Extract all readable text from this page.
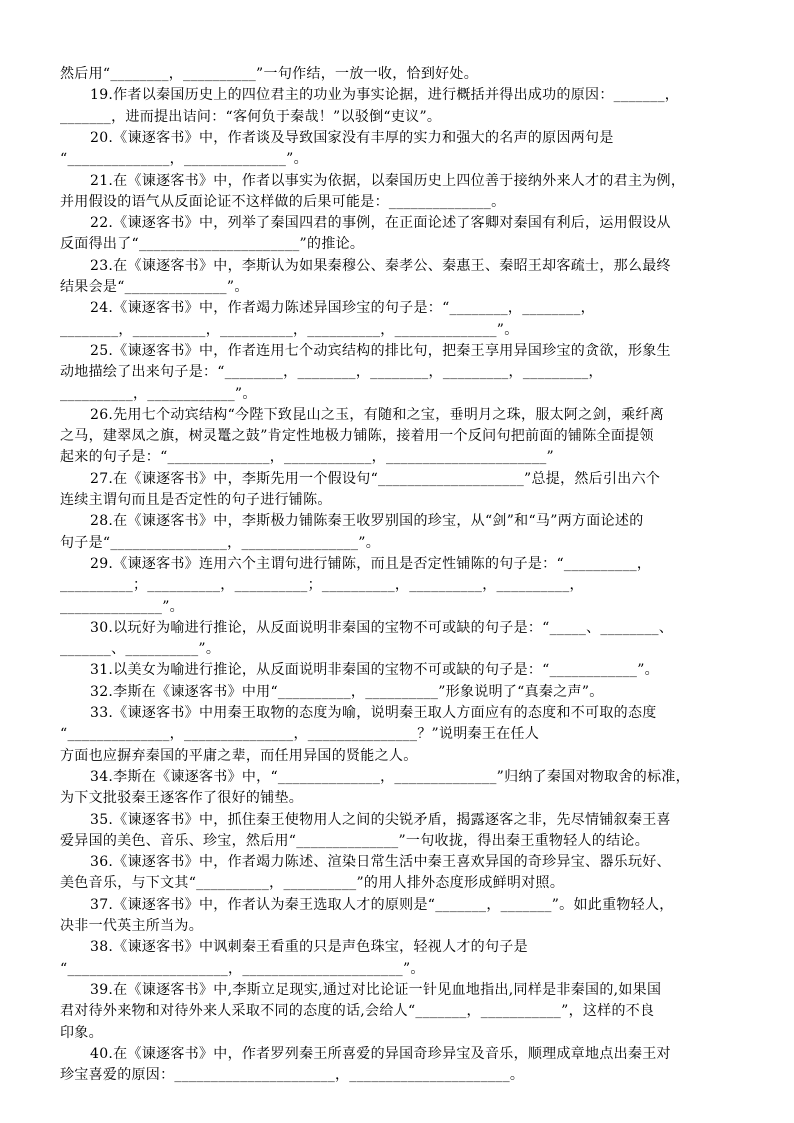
然后用“________，__________”一句作结，一放一收，恰到好处。
19.作者以秦国历史上的四位君主的功业为事实论据，进行概括并得出成功的原因：_______，
_______，进而提出诘问：“客何负于秦哉！”以驳倒“吏议”。
20.《谏逐客书》中，作者谈及导致国家没有丰厚的实力和强大的名声的原因两句是
“______________，______________”。
21.在《谏逐客书》中，作者以事实为依据，以秦国历史上四位善于接纳外来人才的君主为例，
并用假设的语气从反面论证不这样做的后果可能是：______________。
22.《谏逐客书》中，列举了秦国四君的事例，在正面论述了客卿对秦国有利后，运用假设从
反面得出了“______________________”的推论。
23.在《谏逐客书》中，李斯认为如果秦穆公、秦孝公、秦惠王、秦昭王却客疏士，那么最终
结果会是“______________”。
24.《谏逐客书》中，作者竭力陈述异国珍宝的句子是：“________，________，
________，__________，__________，__________，______________”。
25.《谏逐客书》中，作者连用七个动宾结构的排比句，把秦王享用异国珍宝的贪欲，形象生
动地描绘了出来句子是：“________，________，________，_________，_________，
__________，____________”。
26.先用七个动宾结构“今陛下致昆山之玉，有随和之宝，垂明月之珠，服太阿之剑，乘纤离
之马，建翠凤之旗，树灵鼍之鼓”肯定性地极力铺陈，接着用一个反问句把前面的铺陈全面提领
起来的句子是：“______________，____________，______________________”
27.在《谏逐客书》中，李斯先用一个假设句“____________________”总提，然后引出六个
连续主谓句而且是否定性的句子进行铺陈。
28.在《谏逐客书》中，李斯极力铺陈秦王收罗别国的珍宝，从“剑”和“马”两方面论述的
句子是“________________，________________”。
29.《谏逐客书》连用六个主谓句进行铺陈，而且是否定性铺陈的句子是：“__________，
__________；__________，__________；__________，__________，__________，
______________”。
30.以玩好为喻进行推论，从反面说明非秦国的宝物不可或缺的句子是：“_____、________、
_______、__________”。
31.以美女为喻进行推论，从反面说明非秦国的宝物不可或缺的句子是：“____________”。
32.李斯在《谏逐客书》中用“__________，__________”形象说明了“真秦之声”。
33.《谏逐客书》中用秦王取物的态度为喻，说明秦王取人方面应有的态度和不可取的态度
“______________，_______________，_______________？”说明秦王在任人
方面也应摒弃秦国的平庸之辈，而任用异国的贤能之人。
34.李斯在《谏逐客书》中，“______________，______________”归纳了秦国对物取舍的标准，
为下文批驳秦王逐客作了很好的铺垫。
35.《谏逐客书》中，抓住秦王使物用人之间的尖锐矛盾，揭露逐客之非，先尽情铺叙秦王喜
爱异国的美色、音乐、珍宝，然后用“______________”一句收拢，得出秦王重物轻人的结论。
36.《谏逐客书》中，作者竭力陈述、渲染日常生活中秦王喜欢异国的奇珍异宝、器乐玩好、
美色音乐，与下文其“__________，__________”的用人排外态度形成鲜明对照。
37.《谏逐客书》中，作者认为秦王选取人才的原则是“_______，_______”。如此重物轻人，
决非一代英主所当为。
38.《谏逐客书》中讽刺秦王看重的只是声色珠宝，轻视人才的句子是
“______________________，______________________”。
39.在《谏逐客书》中,李斯立足现实,通过对比论证一针见血地指出,同样是非秦国的,如果国
君对待外来物和对待外来人采取不同的态度的话,会给人“_______，___________”，这样的不良
印象。
40.在《谏逐客书》中，作者罗列秦王所喜爱的异国奇珍异宝及音乐，顺理成章地点出秦王对
珍宝喜爱的原因：______________________，______________________。
